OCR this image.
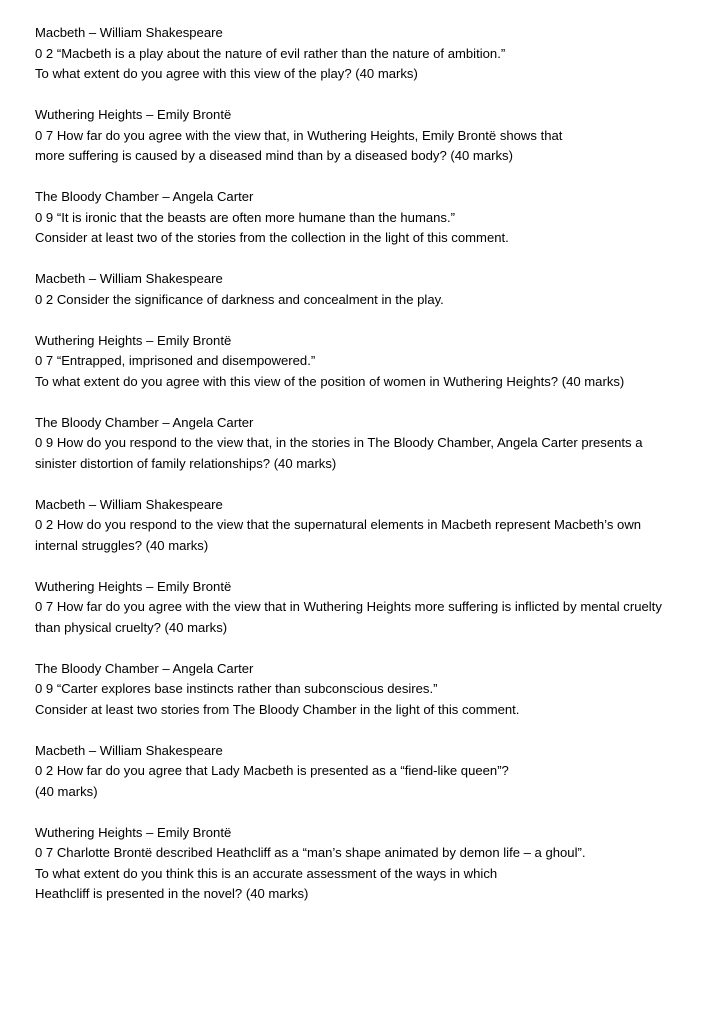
Macbeth – William Shakespeare
0 2 “Macbeth is a play about the nature of evil rather than the nature of ambition.”
To what extent do you agree with this view of the play? (40 marks)
Wuthering Heights – Emily Brontë
0 7 How far do you agree with the view that, in Wuthering Heights, Emily Brontë shows that
more suffering is caused by a diseased mind than by a diseased body? (40 marks)
The Bloody Chamber – Angela Carter
0 9 “It is ironic that the beasts are often more humane than the humans.”
Consider at least two of the stories from the collection in the light of this comment.
Macbeth – William Shakespeare
0 2 Consider the significance of darkness and concealment in the play.
Wuthering Heights – Emily Brontë
0 7 “Entrapped, imprisoned and disempowered.”
To what extent do you agree with this view of the position of women in Wuthering Heights? (40 marks)
The Bloody Chamber – Angela Carter
0 9 How do you respond to the view that, in the stories in The Bloody Chamber, Angela Carter presents a
sinister distortion of family relationships? (40 marks)
Macbeth – William Shakespeare
0 2 How do you respond to the view that the supernatural elements in Macbeth represent Macbeth’s own
internal struggles? (40 marks)
Wuthering Heights – Emily Brontë
0 7 How far do you agree with the view that in Wuthering Heights more suffering is inflicted by mental cruelty
than physical cruelty? (40 marks)
The Bloody Chamber – Angela Carter
0 9 “Carter explores base instincts rather than subconscious desires.”
Consider at least two stories from The Bloody Chamber in the light of this comment.
Macbeth – William Shakespeare
0 2 How far do you agree that Lady Macbeth is presented as a “fiend-like queen”?
(40 marks)
Wuthering Heights – Emily Brontë
0 7 Charlotte Brontë described Heathcliff as a “man’s shape animated by demon life – a ghoul”.
To what extent do you think this is an accurate assessment of the ways in which
Heathcliff is presented in the novel? (40 marks)
